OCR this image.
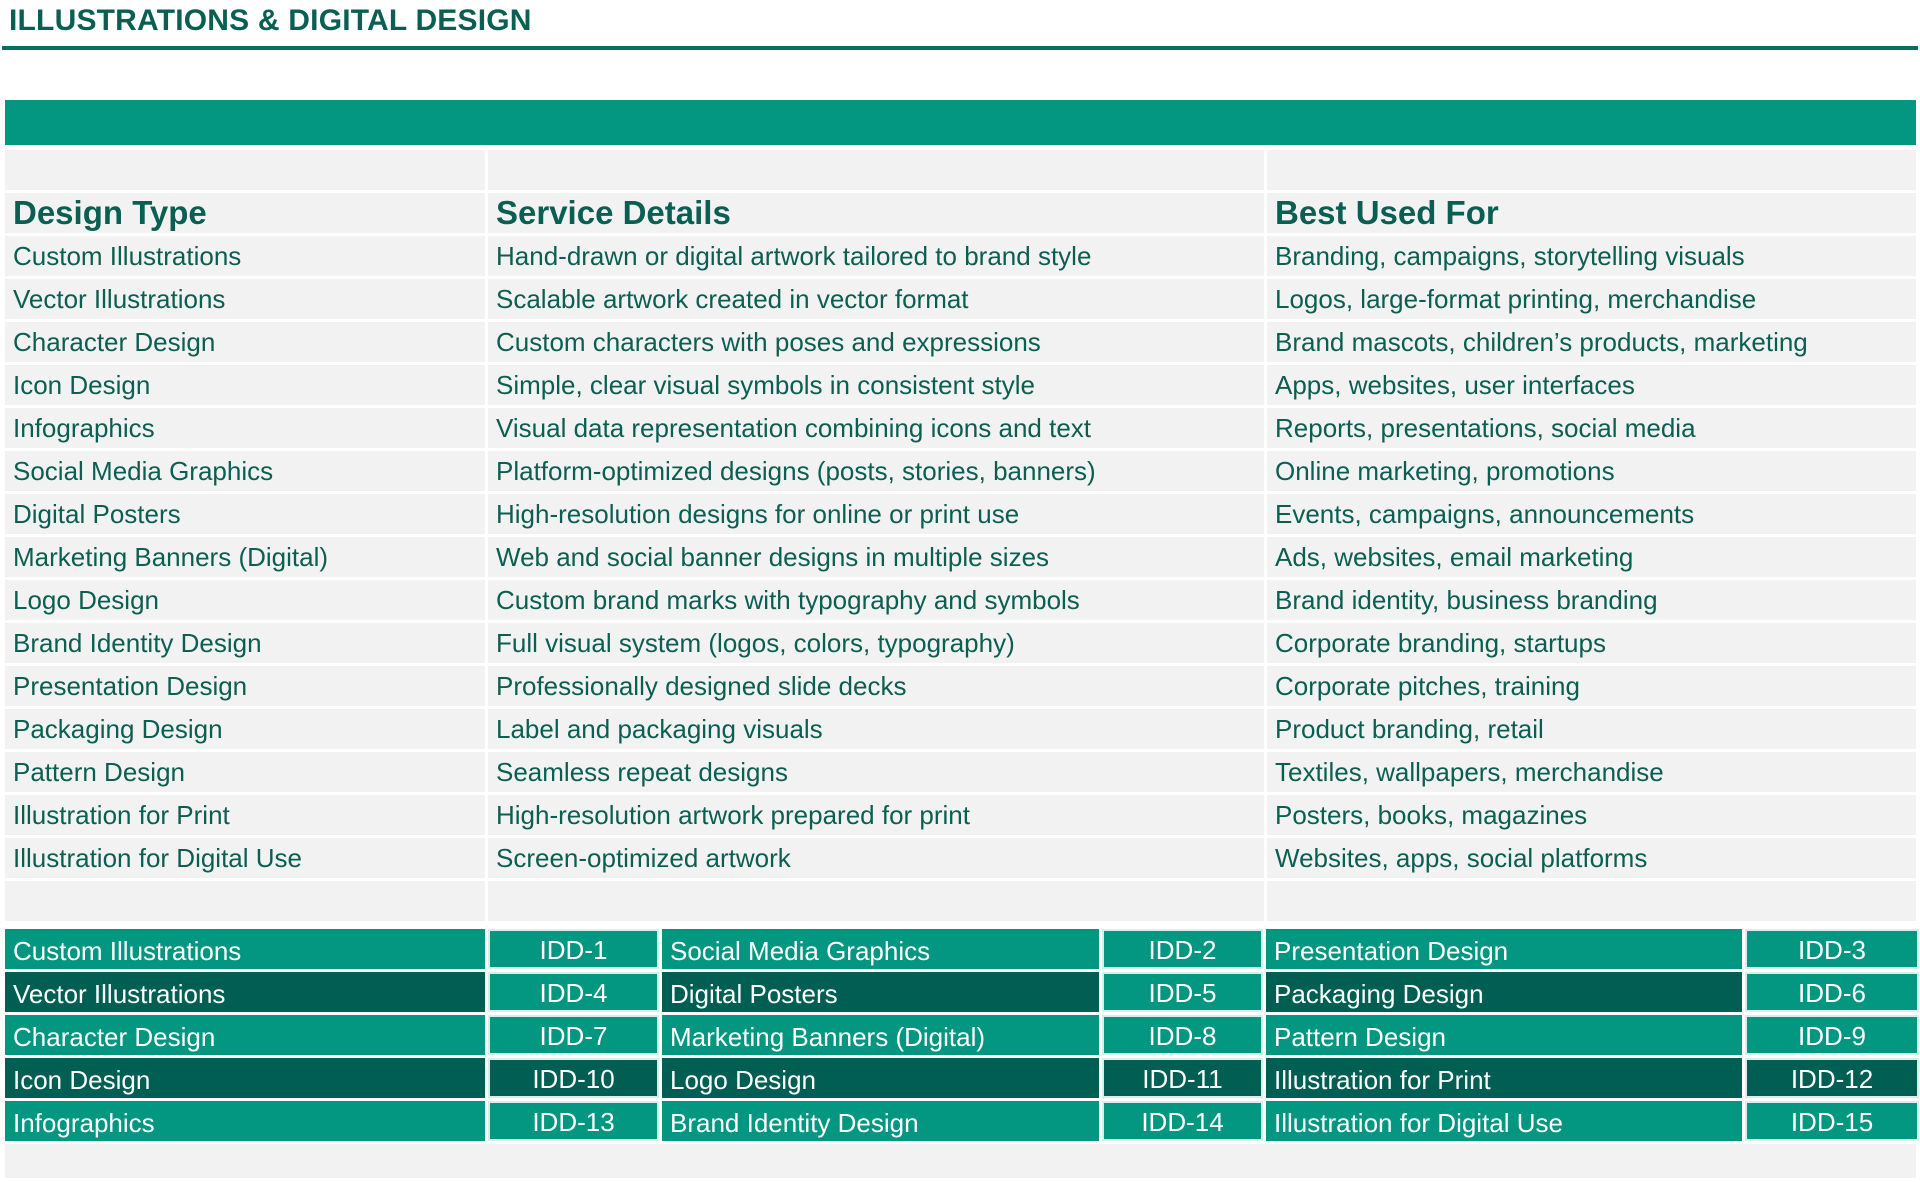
ILLUSTRATIONS & DIGITAL DESIGN
Design Type	Service Details	Best Used For
Custom Illustrations	Hand-drawn or digital artwork tailored to brand style	Branding, campaigns, storytelling visuals
Vector Illustrations	Scalable artwork created in vector format	Logos, large-format printing, merchandise
Character Design	Custom characters with poses and expressions	Brand mascots, children’s products, marketing
Icon Design	Simple, clear visual symbols in consistent style	Apps, websites, user interfaces
Infographics	Visual data representation combining icons and text	Reports, presentations, social media
Social Media Graphics	Platform-optimized designs (posts, stories, banners)	Online marketing, promotions
Digital Posters	High-resolution designs for online or print use	Events, campaigns, announcements
Marketing Banners (Digital)	Web and social banner designs in multiple sizes	Ads, websites, email marketing
Logo Design	Custom brand marks with typography and symbols	Brand identity, business branding
Brand Identity Design	Full visual system (logos, colors, typography)	Corporate branding, startups
Presentation Design	Professionally designed slide decks	Corporate pitches, training
Packaging Design	Label and packaging visuals	Product branding, retail
Pattern Design	Seamless repeat designs	Textiles, wallpapers, merchandise
Illustration for Print	High-resolution artwork prepared for print	Posters, books, magazines
Illustration for Digital Use	Screen-optimized artwork	Websites, apps, social platforms
Custom Illustrations	IDD-1	Social Media Graphics	IDD-2	Presentation Design	IDD-3
Vector Illustrations	IDD-4	Digital Posters	IDD-5	Packaging Design	IDD-6
Character Design	IDD-7	Marketing Banners (Digital)	IDD-8	Pattern Design	IDD-9
Icon Design	IDD-10	Logo Design	IDD-11	Illustration for Print	IDD-12
Infographics	IDD-13	Brand Identity Design	IDD-14	Illustration for Digital Use	IDD-15
